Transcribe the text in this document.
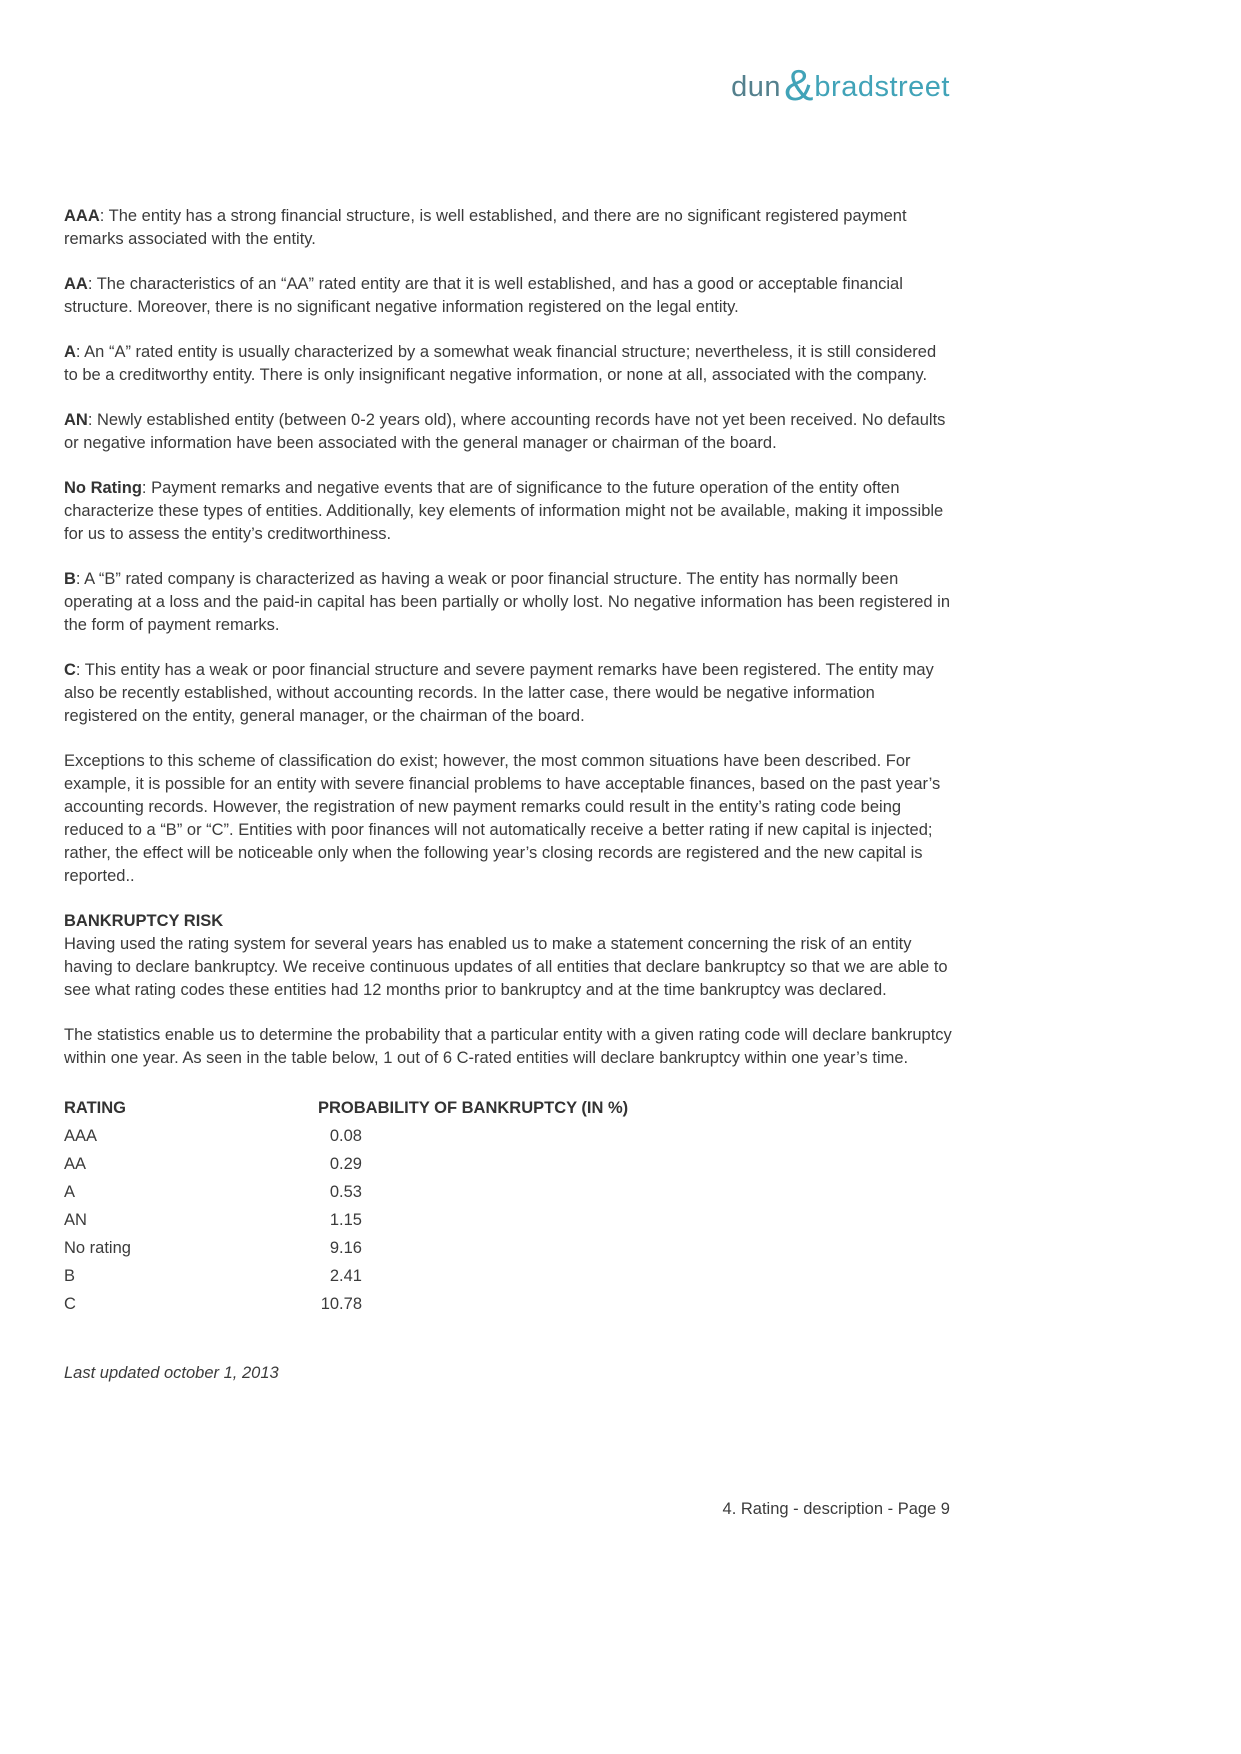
dun&bradstreet

AAA: The entity has a strong financial structure, is well established, and there are no significant registered payment remarks associated with the entity.

AA: The characteristics of an “AA” rated entity are that it is well established, and has a good or acceptable financial structure. Moreover, there is no significant negative information registered on the legal entity.

A: An “A” rated entity is usually characterized by a somewhat weak financial structure; nevertheless, it is still considered to be a creditworthy entity. There is only insignificant negative information, or none at all, associated with the company.

AN: Newly established entity (between 0-2 years old), where accounting records have not yet been received. No defaults or negative information have been associated with the general manager or chairman of the board.

No Rating: Payment remarks and negative events that are of significance to the future operation of the entity often characterize these types of entities. Additionally, key elements of information might not be available, making it impossible for us to assess the entity’s creditworthiness.

B: A “B” rated company is characterized as having a weak or poor financial structure. The entity has normally been operating at a loss and the paid-in capital has been partially or wholly lost. No negative information has been registered in the form of payment remarks.

C: This entity has a weak or poor financial structure and severe payment remarks have been registered. The entity may also be recently established, without accounting records. In the latter case, there would be negative information registered on the entity, general manager, or the chairman of the board.

Exceptions to this scheme of classification do exist; however, the most common situations have been described. For example, it is possible for an entity with severe financial problems to have acceptable finances, based on the past year’s accounting records. However, the registration of new payment remarks could result in the entity’s rating code being reduced to a “B” or “C”. Entities with poor finances will not automatically receive a better rating if new capital is injected; rather, the effect will be noticeable only when the following year’s closing records are registered and the new capital is reported..

BANKRUPTCY RISK

Having used the rating system for several years has enabled us to make a statement concerning the risk of an entity having to declare bankruptcy. We receive continuous updates of all entities that declare bankruptcy so that we are able to see what rating codes these entities had 12 months prior to bankruptcy and at the time bankruptcy was declared.

The statistics enable us to determine the probability that a particular entity with a given rating code will declare bankruptcy within one year. As seen in the table below, 1 out of 6 C-rated entities will declare bankruptcy within one year’s time.

RATING	PROBABILITY OF BANKRUPTCY (IN %)
AAA	0.08
AA	0.29
A	0.53
AN	1.15
No rating	9.16
B	2.41
C	10.78

Last updated october 1, 2013

4. Rating - description - Page 9
